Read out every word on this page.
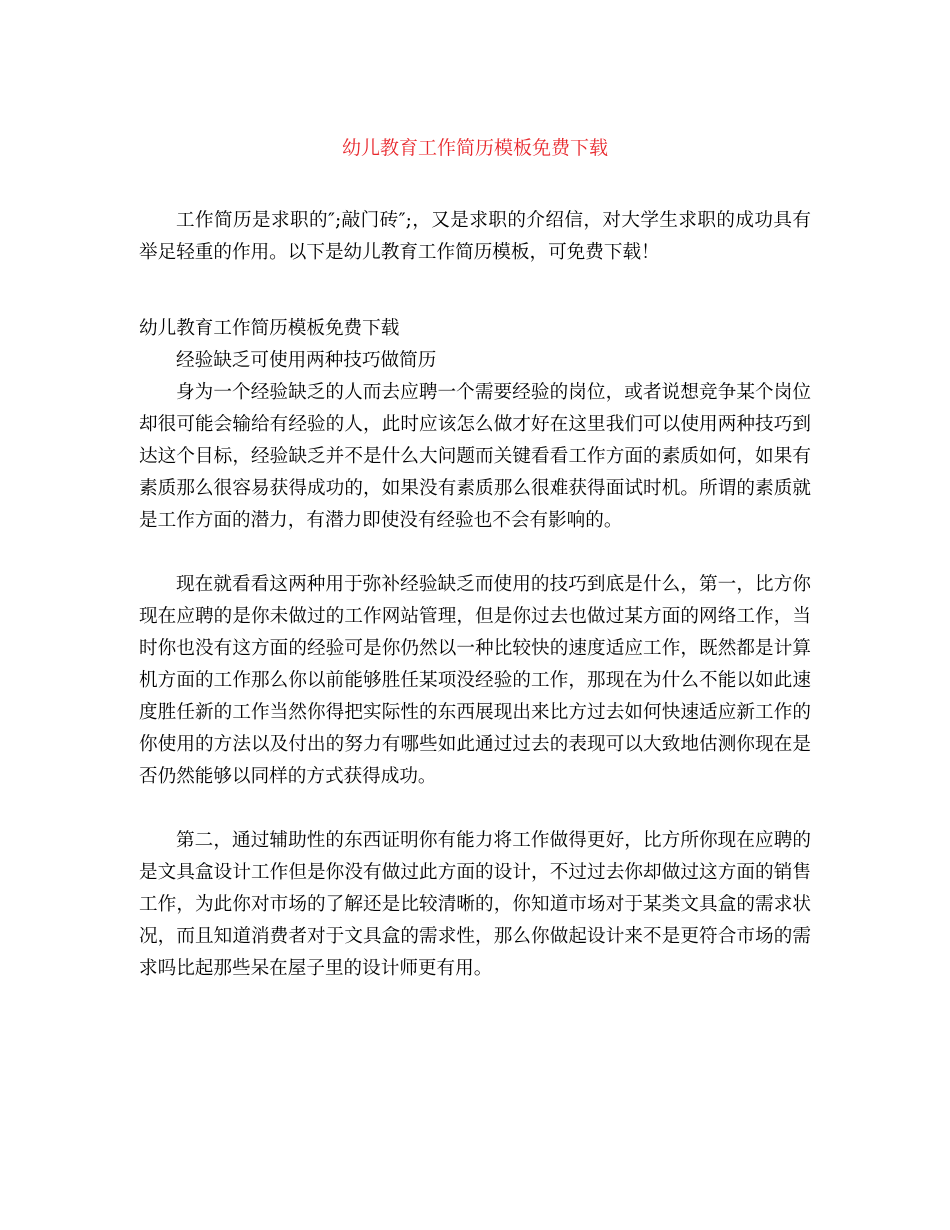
幼儿教育工作简历模板免费下载

工作简历是求职的″;敲门砖″;，又是求职的介绍信，对大学生求职的成功具有举足轻重的作用。以下是幼儿教育工作简历模板，可免费下载！

幼儿教育工作简历模板免费下载

经验缺乏可使用两种技巧做简历

身为一个经验缺乏的人而去应聘一个需要经验的岗位，或者说想竞争某个岗位却很可能会输给有经验的人，此时应该怎么做才好在这里我们可以使用两种技巧到达这个目标，经验缺乏并不是什么大问题而关键看看工作方面的素质如何，如果有素质那么很容易获得成功的，如果没有素质那么很难获得面试时机。所谓的素质就是工作方面的潜力，有潜力即使没有经验也不会有影响的。

现在就看看这两种用于弥补经验缺乏而使用的技巧到底是什么，第一，比方你现在应聘的是你未做过的工作网站管理，但是你过去也做过某方面的网络工作，当时你也没有这方面的经验可是你仍然以一种比较快的速度适应工作，既然都是计算机方面的工作那么你以前能够胜任某项没经验的工作，那现在为什么不能以如此速度胜任新的工作当然你得把实际性的东西展现出来比方过去如何快速适应新工作的你使用的方法以及付出的努力有哪些如此通过过去的表现可以大致地估测你现在是否仍然能够以同样的方式获得成功。

第二，通过辅助性的东西证明你有能力将工作做得更好，比方所你现在应聘的是文具盒设计工作但是你没有做过此方面的设计，不过过去你却做过这方面的销售工作，为此你对市场的了解还是比较清晰的，你知道市场对于某类文具盒的需求状况，而且知道消费者对于文具盒的需求性，那么你做起设计来不是更符合市场的需求吗比起那些呆在屋子里的设计师更有用。
